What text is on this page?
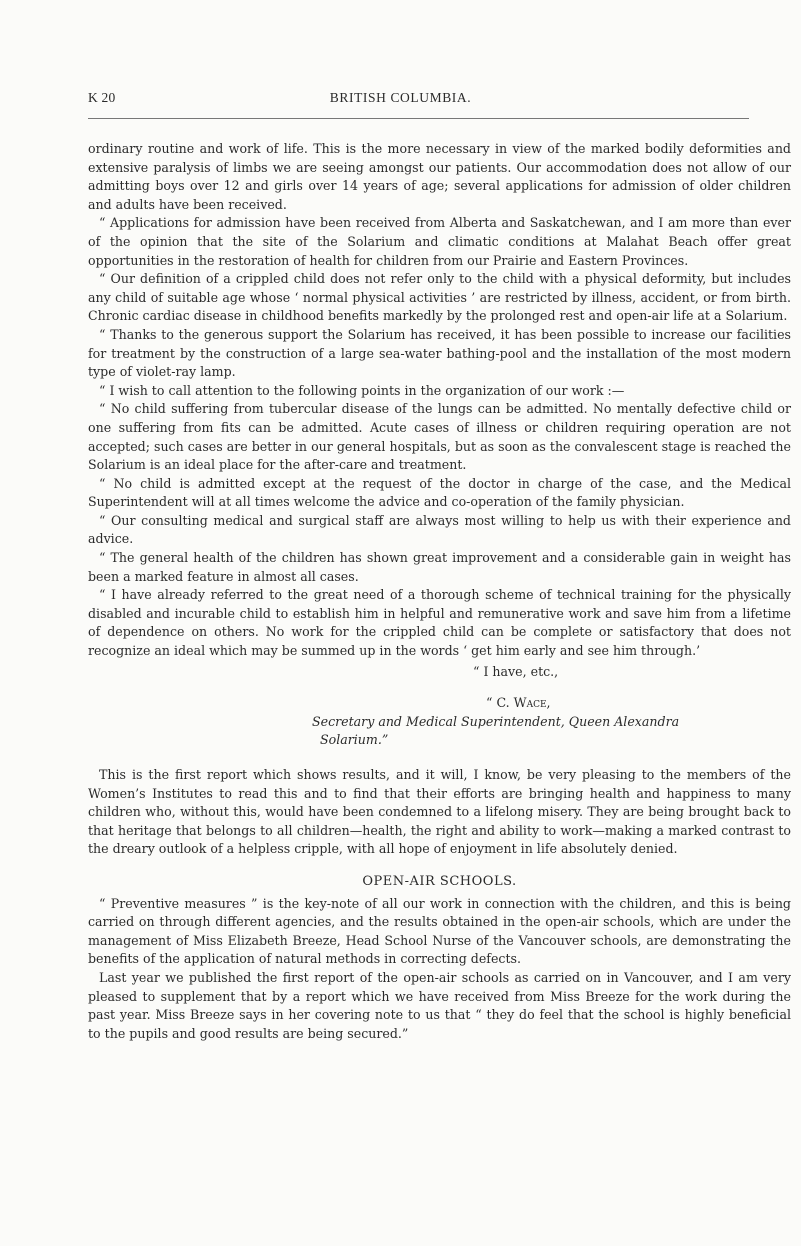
K 20	BRITISH COLUMBIA.

ordinary routine and work of life. This is the more necessary in view of the marked bodily deformities and extensive paralysis of limbs we are seeing amongst our patients. Our accommodation does not allow of our admitting boys over 12 and girls over 14 years of age; several applications for admission of older children and adults have been received.

“ Applications for admission have been received from Alberta and Saskatchewan, and I am more than ever of the opinion that the site of the Solarium and climatic conditions at Malahat Beach offer great opportunities in the restoration of health for children from our Prairie and Eastern Provinces.

“ Our definition of a crippled child does not refer only to the child with a physical deformity, but includes any child of suitable age whose ‘ normal physical activities ’ are restricted by illness, accident, or from birth. Chronic cardiac disease in childhood benefits markedly by the prolonged rest and open-air life at a Solarium.

“ Thanks to the generous support the Solarium has received, it has been possible to increase our facilities for treatment by the construction of a large sea-water bathing-pool and the installation of the most modern type of violet-ray lamp.

“ I wish to call attention to the following points in the organization of our work :—

“ No child suffering from tubercular disease of the lungs can be admitted. No mentally defective child or one suffering from fits can be admitted. Acute cases of illness or children requiring operation are not accepted; such cases are better in our general hospitals, but as soon as the convalescent stage is reached the Solarium is an ideal place for the after-care and treatment.

“ No child is admitted except at the request of the doctor in charge of the case, and the Medical Superintendent will at all times welcome the advice and co-operation of the family physician.

“ Our consulting medical and surgical staff are always most willing to help us with their experience and advice.

“ The general health of the children has shown great improvement and a considerable gain in weight has been a marked feature in almost all cases.

“ I have already referred to the great need of a thorough scheme of technical training for the physically disabled and incurable child to establish him in helpful and remunerative work and save him from a lifetime of dependence on others. No work for the crippled child can be complete or satisfactory that does not recognize an ideal which may be summed up in the words ‘ get him early and see him through.’

“ I have, etc.,

“ C. Wace,

Secretary and Medical Superintendent, Queen Alexandra

Solarium.”

This is the first report which shows results, and it will, I know, be very pleasing to the members of the Women’s Institutes to read this and to find that their efforts are bringing health and happiness to many children who, without this, would have been condemned to a lifelong misery. They are being brought back to that heritage that belongs to all children—health, the right and ability to work—making a marked contrast to the dreary outlook of a helpless cripple, with all hope of enjoyment in life absolutely denied.

OPEN-AIR SCHOOLS.

“ Preventive measures ” is the key-note of all our work in connection with the children, and this is being carried on through different agencies, and the results obtained in the open-air schools, which are under the management of Miss Elizabeth Breeze, Head School Nurse of the Vancouver schools, are demonstrating the benefits of the application of natural methods in correcting defects.

Last year we published the first report of the open-air schools as carried on in Vancouver, and I am very pleased to supplement that by a report which we have received from Miss Breeze for the work during the past year. Miss Breeze says in her covering note to us that “ they do feel that the school is highly beneficial to the pupils and good results are being secured.”
